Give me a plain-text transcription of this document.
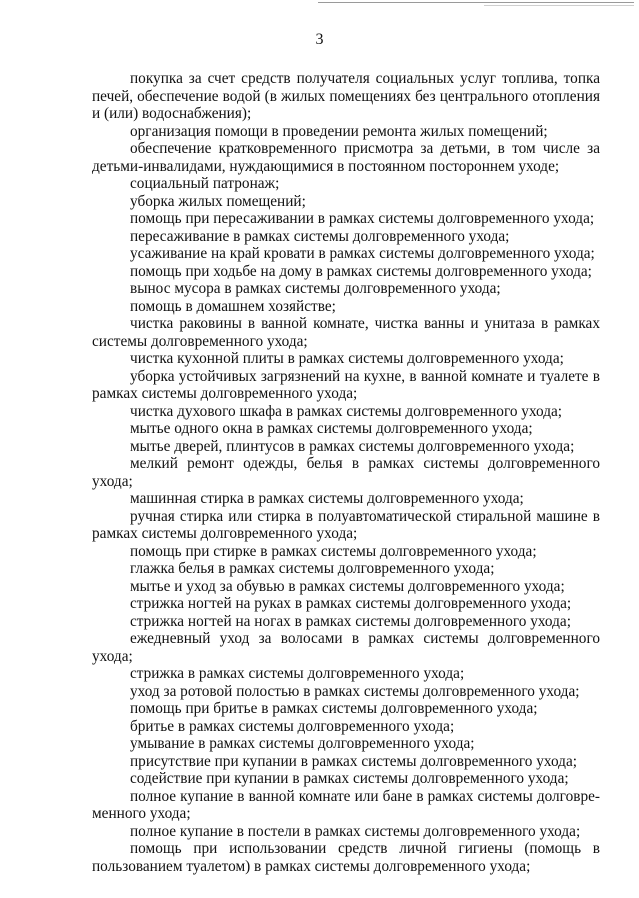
3

покупка за счет средств получателя социальных услуг топлива, топка печей, обеспечение водой (в жилых помещениях без центрального отопления и (или) водоснабжения);

организация помощи в проведении ремонта жилых помещений;

обеспечение кратковременного присмотра за детьми, в том числе за детьми-инвалидами, нуждающимися в постоянном постороннем уходе;

социальный патронаж;

уборка жилых помещений;

помощь при пересаживании в рамках системы долговременного ухода;

пересаживание в рамках системы долговременного ухода;

усаживание на край кровати в рамках системы долговременного ухода;

помощь при ходьбе на дому в рамках системы долговременного ухода;

вынос мусора в рамках системы долговременного ухода;

помощь в домашнем хозяйстве;

чистка раковины в ванной комнате, чистка ванны и унитаза в рамках системы долговременного ухода;

чистка кухонной плиты в рамках системы долговременного ухода;

уборка устойчивых загрязнений на кухне, в ванной комнате и туалете в рамках системы долговременного ухода;

чистка духового шкафа в рамках системы долговременного ухода;

мытье одного окна в рамках системы долговременного ухода;

мытье дверей, плинтусов в рамках системы долговременного ухода;

мелкий ремонт одежды, белья в рамках системы долговременного ухода;

машинная стирка в рамках системы долговременного ухода;

ручная стирка или стирка в полуавтоматической стиральной машине в рамках системы долговременного ухода;

помощь при стирке в рамках системы долговременного ухода;

глажка белья в рамках системы долговременного ухода;

мытье и уход за обувью в рамках системы долговременного ухода;

стрижка ногтей на руках в рамках системы долговременного ухода;

стрижка ногтей на ногах в рамках системы долговременного ухода;

ежедневный уход за волосами в рамках системы долговременного ухода;

стрижка в рамках системы долговременного ухода;

уход за ротовой полостью в рамках системы долговременного ухода;

помощь при бритье в рамках системы долговременного ухода;

бритье в рамках системы долговременного ухода;

умывание в рамках системы долговременного ухода;

присутствие при купании в рамках системы долговременного ухода;

содействие при купании в рамках системы долговременного ухода;

полное купание в ванной комнате или бане в рамках системы долговременного ухода;

полное купание в постели в рамках системы долговременного ухода;

помощь при использовании средств личной гигиены (помощь в пользованием туалетом) в рамках системы долговременного ухода;
